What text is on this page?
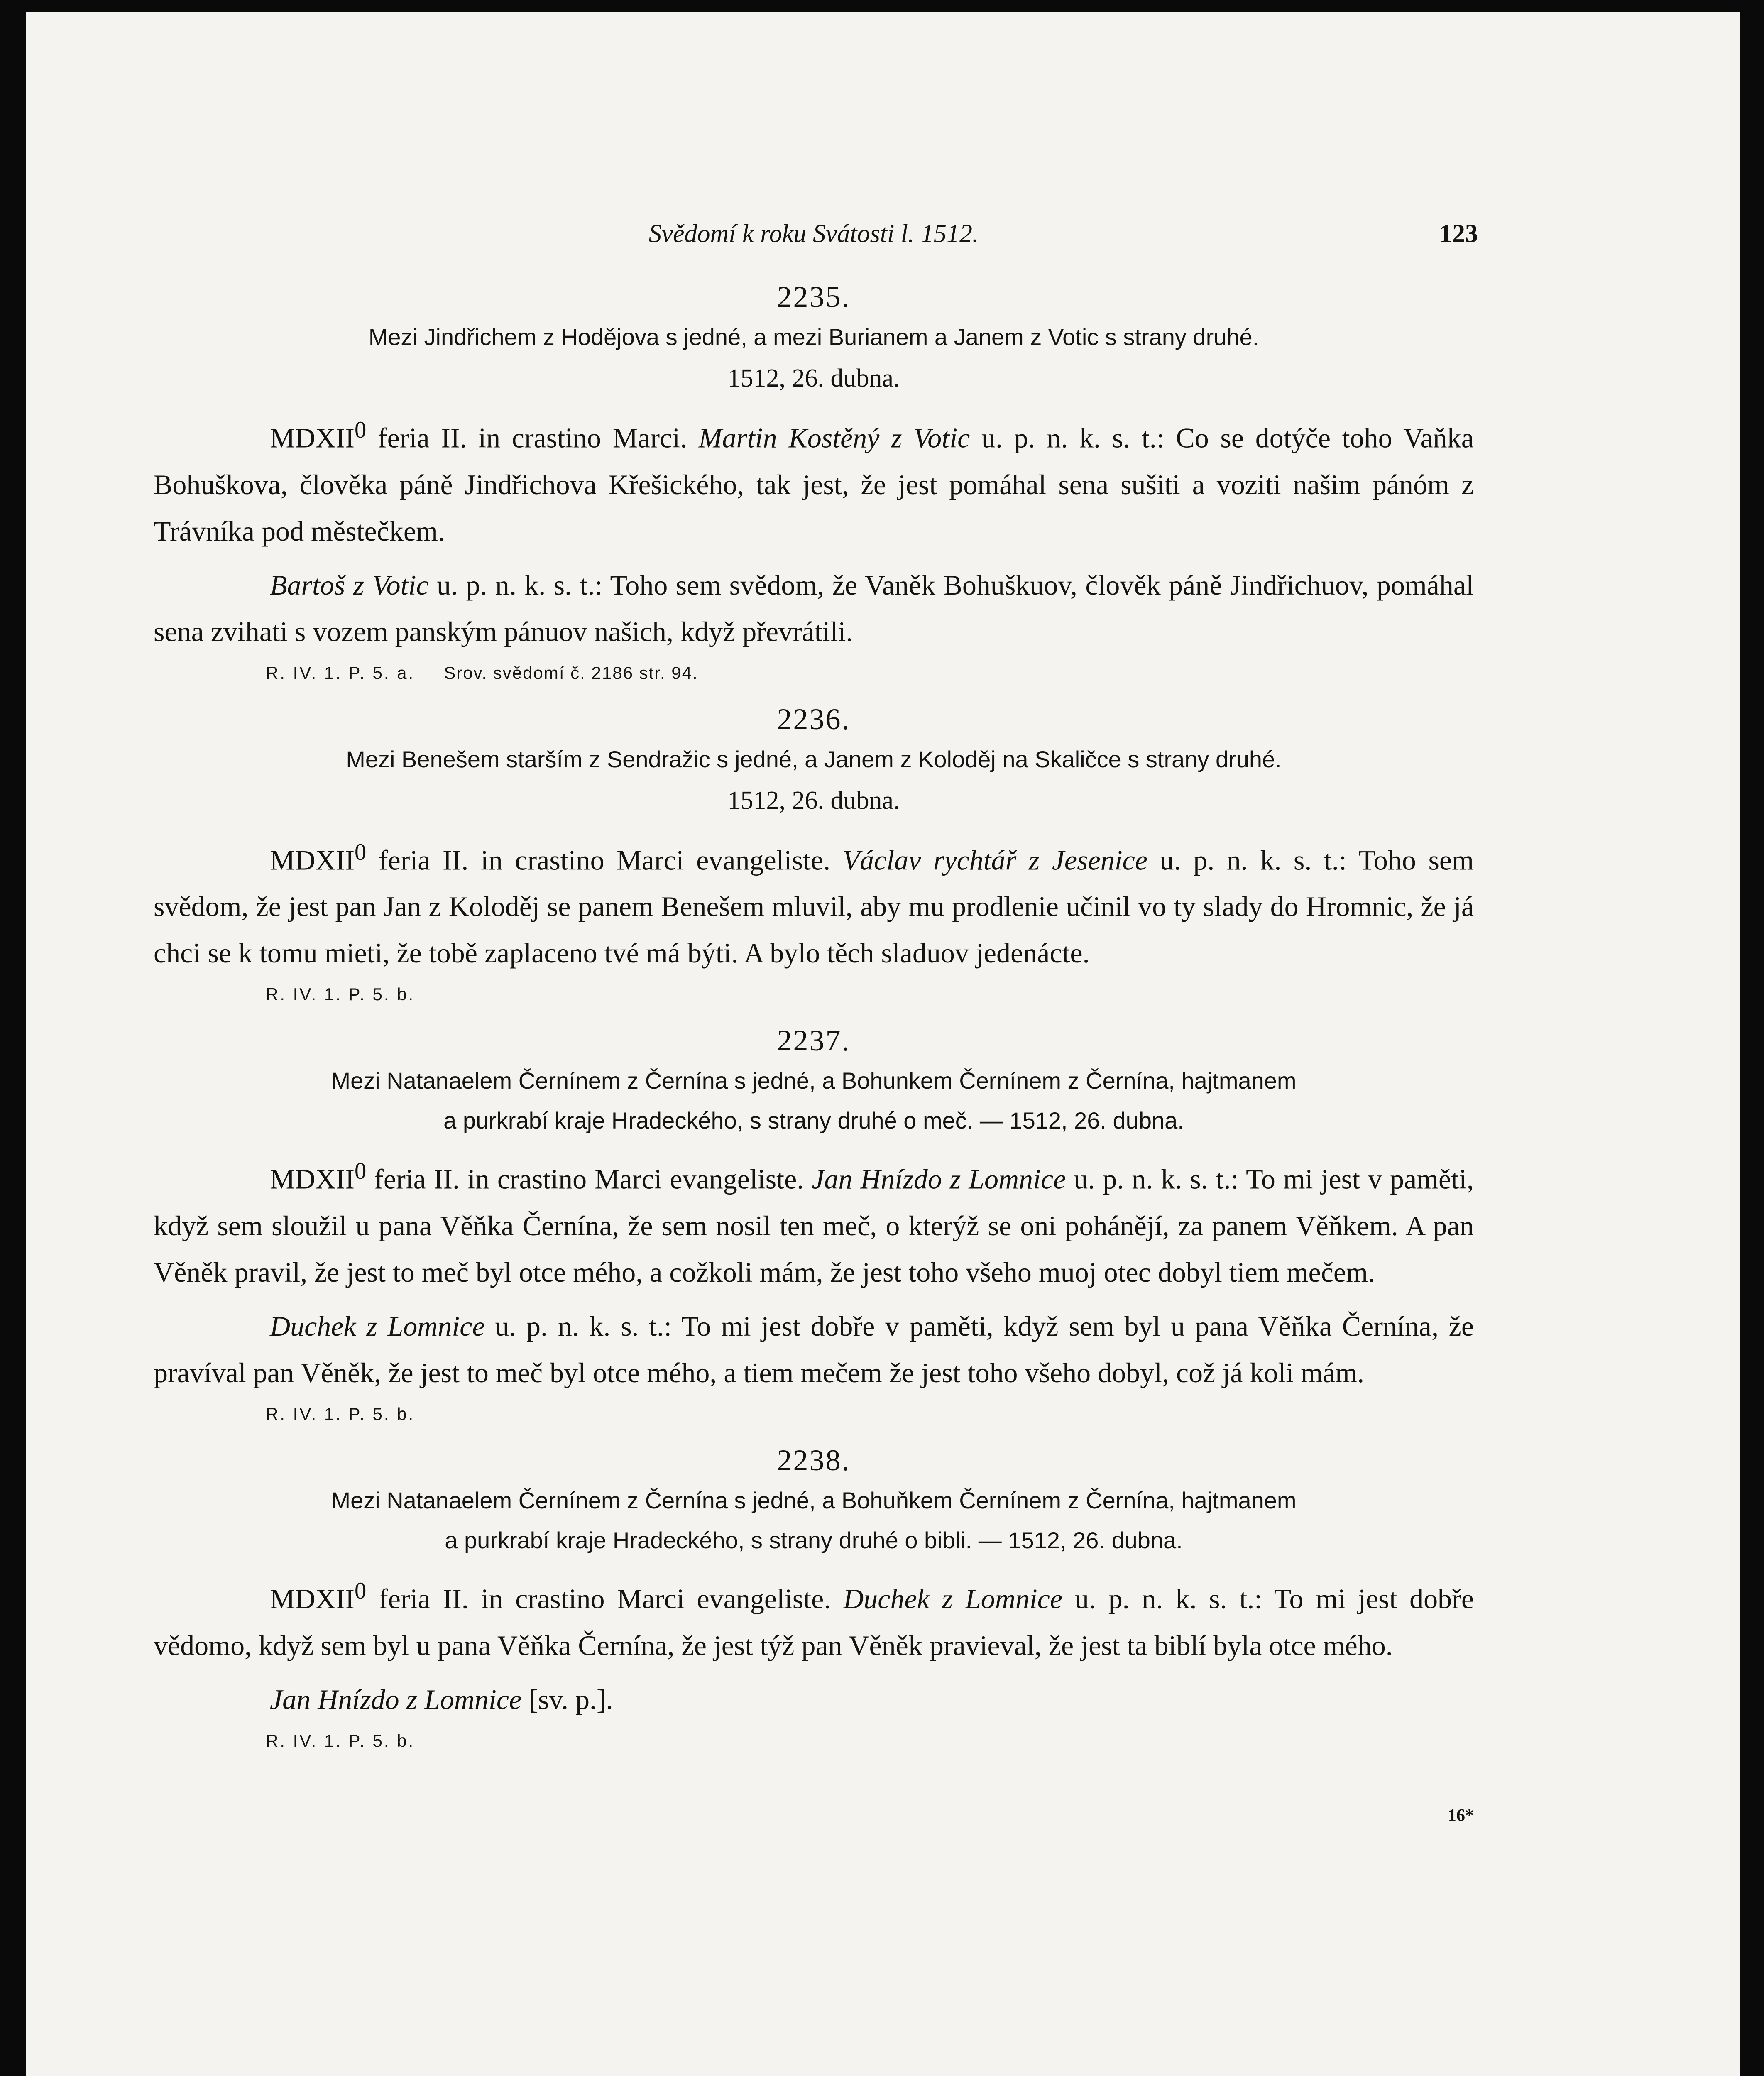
Svědomí k roku Svátosti l. 1512.	123
2235.
Mezi Jindřichem z Hodějova s jedné, a mezi Burianem a Janem z Votic s strany druhé.
1512, 26. dubna.

MDXII$^0$ feria II. in crastino Marci. Martin Kostěný z Votic u. p. n. k. s. t.: Co se dotýče toho Vaňka Bohuškova, člověka páně Jindřichova Křešického, tak jest, že jest pomáhal sena sušiti a voziti našim pánóm z Trávníka pod městečkem.

Bartoš z Votic u. p. n. k. s. t.: Toho sem svědom, že Vaněk Bohuškuov, člověk páně Jindřichuov, pomáhal sena zvihati s vozem panským pánuov našich, když převrátili.

R. IV. 1. P. 5. a. Srov. svědomí č. 2186 str. 94.
2236.
Mezi Benešem starším z Sendražic s jedné, a Janem z Koloděj na Skaličce s strany druhé.
1512, 26. dubna.

MDXII$^0$ feria II. in crastino Marci evangeliste. Václav rychtář z Jesenice u. p. n. k. s. t.: Toho sem svědom, že jest pan Jan z Koloděj se panem Benešem mluvil, aby mu prodlenie učinil vo ty slady do Hromnic, že já chci se k tomu mieti, že tobě zaplaceno tvé má býti. A bylo těch sladuov jedenácte.

R. IV. 1. P. 5. b.
2237.
Mezi Natanaelem Černínem z Černína s jedné, a Bohunkem Černínem z Černína, hajtmanem
a purkrabí kraje Hradeckého, s strany druhé o meč. — 1512, 26. dubna.

MDXII$^0$ feria II. in crastino Marci evangeliste. Jan Hnízdo z Lomnice u. p. n. k. s. t.: To mi jest v paměti, když sem sloužil u pana Věňka Černína, že sem nosil ten meč, o kterýž se oni pohánějí, za panem Věňkem. A pan Věněk pravil, že jest to meč byl otce mého, a cožkoli mám, že jest toho všeho muoj otec dobyl tiem mečem.

Duchek z Lomnice u. p. n. k. s. t.: To mi jest dobře v paměti, když sem byl u pana Věňka Černína, že pravíval pan Věněk, že jest to meč byl otce mého, a tiem mečem že jest toho všeho dobyl, což já koli mám.

R. IV. 1. P. 5. b.
2238.
Mezi Natanaelem Černínem z Černína s jedné, a Bohuňkem Černínem z Černína, hajtmanem
a purkrabí kraje Hradeckého, s strany druhé o bibli. — 1512, 26. dubna.

MDXII$^0$ feria II. in crastino Marci evangeliste. Duchek z Lomnice u. p. n. k. s. t.: To mi jest dobře vědomo, když sem byl u pana Věňka Černína, že jest týž pan Věněk pravieval, že jest ta biblí byla otce mého.

Jan Hnízdo z Lomnice [sv. p.].

R. IV. 1. P. 5. b.
16*
